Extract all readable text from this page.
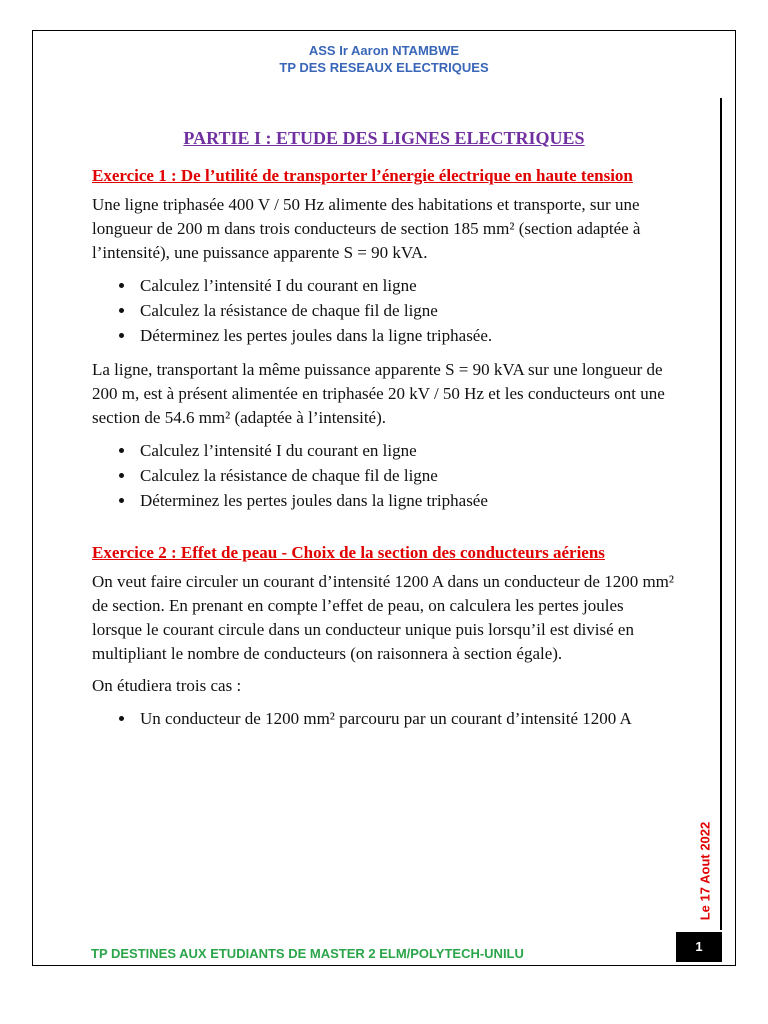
ASS Ir Aaron NTAMBWE
TP DES RESEAUX ELECTRIQUES
PARTIE I : ETUDE DES LIGNES ELECTRIQUES
Exercice 1 : De l’utilité de transporter l’énergie électrique en haute tension

Une ligne triphasée 400 V / 50 Hz alimente des habitations et transporte, sur une longueur de 200 m dans trois conducteurs de section 185 mm² (section adaptée à l’intensité), une puissance apparente S = 90 kVA.

• Calculez l’intensité I du courant en ligne
• Calculez la résistance de chaque fil de ligne
• Déterminez les pertes joules dans la ligne triphasée.

La ligne, transportant la même puissance apparente S = 90 kVA sur une longueur de 200 m, est à présent alimentée en triphasée 20 kV / 50 Hz et les conducteurs ont une section de 54.6 mm² (adaptée à l’intensité).

• Calculez l’intensité I du courant en ligne
• Calculez la résistance de chaque fil de ligne
• Déterminez les pertes joules dans la ligne triphasée
Exercice 2 : Effet de peau - Choix de la section des conducteurs aériens

On veut faire circuler un courant d’intensité 1200 A dans un conducteur de 1200 mm² de section. En prenant en compte l’effet de peau, on calculera les pertes joules lorsque le courant circule dans un conducteur unique puis lorsqu’il est divisé en multipliant le nombre de conducteurs (on raisonnera à section égale).

On étudiera trois cas :

• Un conducteur de 1200 mm² parcouru par un courant d’intensité 1200 A
Le 17 Aout 2022
1
TP DESTINES AUX ETUDIANTS DE MASTER 2 ELM/POLYTECH-UNILU
